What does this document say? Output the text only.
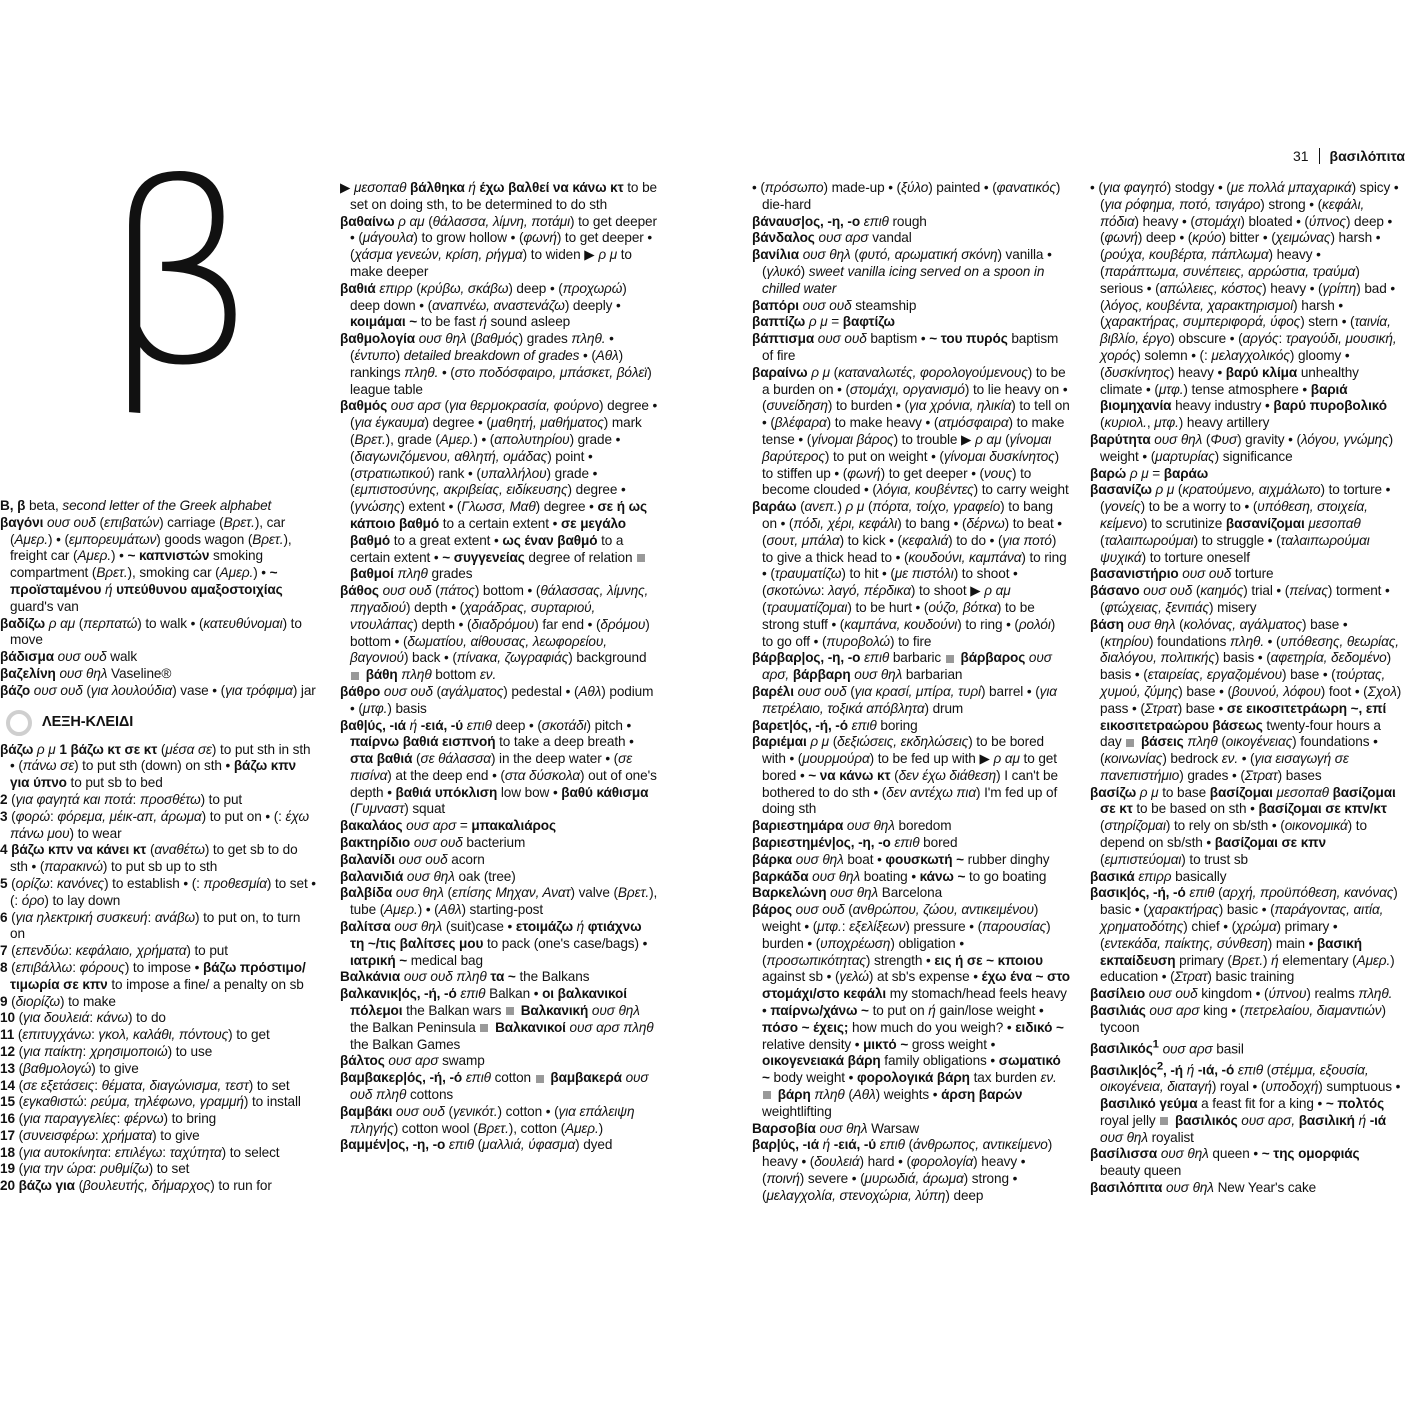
31 βασιλόπιτα
β

Β, β beta, second letter of the Greek alphabet

βαγόνι ουσ ουδ (επιβατών) carriage (Βρετ.), car (Αμερ.) • (εμπορευμάτων) goods wagon (Βρετ.), freight car (Αμερ.) • ~ καπνιστών smoking compartment (Βρετ.), smoking car (Αμερ.) • ~ προϊσταμένου ή υπεύθυνου αμαξοστοιχίας guard's van

βαδίζω ρ αμ (περπατώ) to walk • (κατευθύνομαι) to move

βάδισμα ουσ ουδ walk

βαζελίνη ουσ θηλ Vaseline®

βάζο ουσ ουδ (για λουλούδια) vase • (για τρόφιμα) jar

ΛΕΞΗ-ΚΛΕΙΔΙ

βάζω ρ μ 1 βάζω κτ σε κτ (μέσα σε) to put sth in sth • (πάνω σε) to put sth (down) on sth • βάζω κπν για ύπνο to put sb to bed

2 (για φαγητά και ποτά: προσθέτω) to put

3 (φορώ: φόρεμα, μέικ-απ, άρωμα) to put on • (: έχω πάνω μου) to wear

4 βάζω κπν να κάνει κτ (αναθέτω) to get sb to do sth • (παρακινώ) to put sb up to sth

5 (ορίζω: κανόνες) to establish • (: προθεσμία) to set • (: όρο) to lay down

6 (για ηλεκτρική συσκευή: ανάβω) to put on, to turn on

7 (επενδύω: κεφάλαιο, χρήματα) to put

8 (επιβάλλω: φόρους) to impose • βάζω πρόστιμο/τιμωρία σε κπν to impose a fine/ a penalty on sb

9 (διορίζω) to make

10 (για δουλειά: κάνω) to do

11 (επιτυγχάνω: γκολ, καλάθι, πόντους) to get

12 (για παίκτη: χρησιμοποιώ) to use

13 (βαθμολογώ) to give

14 (σε εξετάσεις: θέματα, διαγώνισμα, τεστ) to set

15 (εγκαθιστώ: ρεύμα, τηλέφωνο, γραμμή) to install

16 (για παραγγελίες: φέρνω) to bring

17 (συνεισφέρω: χρήματα) to give

18 (για αυτοκίνητα: επιλέγω: ταχύτητα) to select

19 (για την ώρα: ρυθμίζω) to set

20 βάζω για (βουλευτής, δήμαρχος) to run for

▶ μεσοπαθ βάλθηκα ή έχω βαλθεί να κάνω κτ to be set on doing sth, to be determined to do sth

βαθαίνω ρ αμ (θάλασσα, λίμνη, ποτάμι) to get deeper • (μάγουλα) to grow hollow • (φωνή) to get deeper • (χάσμα γενεών, κρίση, ρήγμα) to widen ▶ ρ μ to make deeper

βαθιά επιρρ (κρύβω, σκάβω) deep • (προχωρώ) deep down • (αναπνέω, αναστενάζω) deeply • κοιμάμαι ~ to be fast ή sound asleep

βαθμολογία ουσ θηλ (βαθμός) grades πληθ. • (έντυπο) detailed breakdown of grades • (Αθλ) rankings πληθ. • (στο ποδόσφαιρο, μπάσκετ, βόλεϊ) league table

βαθμός ουσ αρσ (για θερμοκρασία, φούρνο) degree • (για έγκαυμα) degree • (μαθητή, μαθήματος) mark (Βρετ.), grade (Αμερ.) • (απολυτηρίου) grade • (διαγωνιζόμενου, αθλητή, ομάδας) point • (στρατιωτικού) rank • (υπαλλήλου) grade • (εμπιστοσύνης, ακριβείας, ειδίκευσης) degree • (γνώσης) extent • (Γλωσσ, Μαθ) degree • σε ή ως κάποιο βαθμό to a certain extent • σε μεγάλο βαθμό to a great extent • ως έναν βαθμό to a certain extent • ~ συγγενείας degree of relation  βαθμοί πληθ grades

βάθος ουσ ουδ (πάτος) bottom • (θάλασσας, λίμνης, πηγαδιού) depth • (χαράδρας, συρταριού, ντουλάπας) depth • (διαδρόμου) far end • (δρόμου) bottom • (δωματίου, αίθουσας, λεωφορείου, βαγονιού) back • (πίνακα, ζωγραφιάς) background  βάθη πληθ bottom εν.

βάθρο ουσ ουδ (αγάλματος) pedestal • (Αθλ) podium • (μτφ.) basis

βαθ|ύς, -ιά ή -ειά, -ύ επιθ deep • (σκοτάδι) pitch • παίρνω βαθιά εισπνοή to take a deep breath • στα βαθιά (σε θάλασσα) in the deep water • (σε πισίνα) at the deep end • (στα δύσκολα) out of one's depth • βαθιά υπόκλιση low bow • βαθύ κάθισμα (Γυμναστ) squat

βακαλάος ουσ αρσ = μπακαλιάρος

βακτηρίδιο ουσ ουδ bacterium

βαλανίδι ουσ ουδ acorn

βαλανιδιά ουσ θηλ oak (tree)

βαλβίδα ουσ θηλ (επίσης Μηχαν, Ανατ) valve (Βρετ.), tube (Αμερ.) • (Αθλ) starting-post

βαλίτσα ουσ θηλ (suit)case • ετοιμάζω ή φτιάχνω τη ~/τις βαλίτσες μου to pack (one's case/bags) • ιατρική ~ medical bag

Βαλκάνια ουσ ουδ πληθ τα ~ the Balkans

βαλκανικ|ός, -ή, -ό επιθ Balkan • οι βαλκανικοί πόλεμοι the Balkan wars  Βαλκανική ουσ θηλ the Balkan Peninsula  Βαλκανικοί ουσ αρσ πληθ the Balkan Games

βάλτος ουσ αρσ swamp

βαμβακερ|ός, -ή, -ό επιθ cotton  βαμβακερά ουσ ουδ πληθ cottons

βαμβάκι ουσ ουδ (γενικότ.) cotton • (για επάλειψη πληγής) cotton wool (Βρετ.), cotton (Αμερ.)

βαμμέν|ος, -η, -ο επιθ (μαλλιά, ύφασμα) dyed

• (πρόσωπο) made-up • (ξύλο) painted • (φανατικός) die-hard

βάναυσ|ος, -η, -ο επιθ rough

βάνδαλος ουσ αρσ vandal

βανίλια ουσ θηλ (φυτό, αρωματική σκόνη) vanilla • (γλυκό) sweet vanilla icing served on a spoon in chilled water

βαπόρι ουσ ουδ steamship

βαπτίζω ρ μ = βαφτίζω

βάπτισμα ουσ ουδ baptism • ~ του πυρός baptism of fire

βαραίνω ρ μ (καταναλωτές, φορολογούμενους) to be a burden on • (στομάχι, οργανισμό) to lie heavy on • (συνείδηση) to burden • (για χρόνια, ηλικία) to tell on • (βλέφαρα) to make heavy • (ατμόσφαιρα) to make tense • (γίνομαι βάρος) to trouble ▶ ρ αμ (γίνομαι βαρύτερος) to put on weight • (γίνομαι δυσκίνητος) to stiffen up • (φωνή) to get deeper • (νους) to become clouded • (λόγια, κουβέντες) to carry weight

βαράω (ανεπ.) ρ μ (πόρτα, τοίχο, γραφείο) to bang on • (πόδι, χέρι, κεφάλι) to bang • (δέρνω) to beat • (σουτ, μπάλα) to kick • (κεφαλιά) to do • (για ποτό) to give a thick head to • (κουδούνι, καμπάνα) to ring • (τραυματίζω) to hit • (με πιστόλι) to shoot • (σκοτώνω: λαγό, πέρδικα) to shoot ▶ ρ αμ (τραυματίζομαι) to be hurt • (ούζο, βότκα) to be strong stuff • (καμπάνα, κουδούνι) to ring • (ρολόι) to go off • (πυροβολώ) to fire

βάρβαρ|ος, -η, -ο επιθ barbaric  βάρβαρος ουσ αρσ, βάρβαρη ουσ θηλ barbarian

βαρέλι ουσ ουδ (για κρασί, μπίρα, τυρί) barrel • (για πετρέλαιο, τοξικά απόβλητα) drum

βαρετ|ός, -ή, -ό επιθ boring

βαριέμαι ρ μ (δεξιώσεις, εκδηλώσεις) to be bored with • (μουρμούρα) to be fed up with ▶ ρ αμ to get bored • ~ να κάνω κτ (δεν έχω διάθεση) I can't be bothered to do sth • (δεν αντέχω πια) I'm fed up of doing sth

βαριεστημάρα ουσ θηλ boredom

βαριεστημέν|ος, -η, -ο επιθ bored

βάρκα ουσ θηλ boat • φουσκωτή ~ rubber dinghy

βαρκάδα ουσ θηλ boating • κάνω ~ to go boating

Βαρκελώνη ουσ θηλ Barcelona

βάρος ουσ ουδ (ανθρώπου, ζώου, αντικειμένου) weight • (μτφ.: εξελίξεων) pressure • (παρουσίας) burden • (υποχρέωση) obligation • (προσωπικότητας) strength • εις ή σε ~ κποιου against sb • (γελώ) at sb's expense • έχω ένα ~ στο στομάχι/στο κεφάλι my stomach/head feels heavy • παίρνω/χάνω ~ to put on ή gain/lose weight • πόσο ~ έχεις; how much do you weigh? • ειδικό ~ relative density • μικτό ~ gross weight • οικογενειακά βάρη family obligations • σωματικό ~ body weight • φορολογικά βάρη tax burden εν.  βάρη πληθ (Αθλ) weights • άρση βαρών weightlifting

Βαρσοβία ουσ θηλ Warsaw

βαρ|ύς, -ιά ή -ειά, -ύ επιθ (άνθρωπος, αντικείμενο) heavy • (δουλειά) hard • (φορολογία) heavy • (ποινή) severe • (μυρωδιά, άρωμα) strong • (μελαγχολία, στενοχώρια, λύπη) deep

• (για φαγητό) stodgy • (με πολλά μπαχαρικά) spicy • (για ρόφημα, ποτό, τσιγάρο) strong • (κεφάλι, πόδια) heavy • (στομάχι) bloated • (ύπνος) deep • (φωνή) deep • (κρύο) bitter • (χειμώνας) harsh • (ρούχα, κουβέρτα, πάπλωμα) heavy • (παράπτωμα, συνέπειες, αρρώστια, τραύμα) serious • (απώλειες, κόστος) heavy • (γρίπη) bad • (λόγος, κουβέντα, χαρακτηρισμοί) harsh • (χαρακτήρας, συμπεριφορά, ύφος) stern • (ταινία, βιβλίο, έργο) obscure • (αργός: τραγούδι, μουσική, χορός) solemn • (: μελαγχολικός) gloomy • (δυσκίνητος) heavy • βαρύ κλίμα unhealthy climate • (μτφ.) tense atmosphere • βαριά βιομηχανία heavy industry • βαρύ πυροβολικό (κυριολ., μτφ.) heavy artillery

βαρύτητα ουσ θηλ (Φυσ) gravity • (λόγου, γνώμης) weight • (μαρτυρίας) significance

βαρώ ρ μ = βαράω

βασανίζω ρ μ (κρατούμενο, αιχμάλωτο) to torture • (γονείς) to be a worry to • (υπόθεση, στοιχεία, κείμενο) to scrutinize βασανίζομαι μεσοπαθ (ταλαιπωρούμαι) to struggle • (ταλαιπωρούμαι ψυχικά) to torture oneself

βασανιστήριο ουσ ουδ torture

βάσανο ουσ ουδ (καημός) trial • (πείνας) torment • (φτώχειας, ξενιτιάς) misery

βάση ουσ θηλ (κολόνας, αγάλματος) base • (κτηρίου) foundations πληθ. • (υπόθεσης, θεωρίας, διαλόγου, πολιτικής) basis • (αφετηρία, δεδομένο) basis • (εταιρείας, εργαζομένου) base • (τούρτας, χυμού, ζύμης) base • (βουνού, λόφου) foot • (Σχολ) pass • (Στρατ) base • σε εικοσιτετράωρη ~, επί εικοσιτετραώρου βάσεως twenty-four hours a day  βάσεις πληθ (οικογένειας) foundations • (κοινωνίας) bedrock εν. • (για εισαγωγή σε πανεπιστήμιο) grades • (Στρατ) bases

βασίζω ρ μ to base βασίζομαι μεσοπαθ βασίζομαι σε κτ to be based on sth • βασίζομαι σε κπν/κτ (στηρίζομαι) to rely on sb/sth • (οικονομικά) to depend on sb/sth • βασίζομαι σε κπν (εμπιστεύομαι) to trust sb

βασικά επιρρ basically

βασικ|ός, -ή, -ό επιθ (αρχή, προϋπόθεση, κανόνας) basic • (χαρακτήρας) basic • (παράγοντας, αιτία, χρηματοδότης) chief • (χρώμα) primary • (εντεκάδα, παίκτης, σύνθεση) main • βασική εκπαίδευση primary (Βρετ.) ή elementary (Αμερ.) education • (Στρατ) basic training

βασίλειο ουσ ουδ kingdom • (ύπνου) realms πληθ.

βασιλιάς ουσ αρσ king • (πετρελαίου, διαμαντιών) tycoon

βασιλικός$^1$ ουσ αρσ basil

$\beta\alpha\sigma\iota\lambda\iota\kappa|ό\varsigma^2$, -ή ή -ιά, -ό επιθ (στέμμα, εξουσία, οικογένεια, διαταγή) royal • (υποδοχή) sumptuous • βασιλικό γεύμα a feast fit for a king • ~ πολτός royal jelly  βασιλικός ουσ αρσ, βασιλική ή -ιά ουσ θηλ royalist

βασίλισσα ουσ θηλ queen • ~ της ομορφιάς beauty queen

βασιλόπιτα ουσ θηλ New Year's cake
